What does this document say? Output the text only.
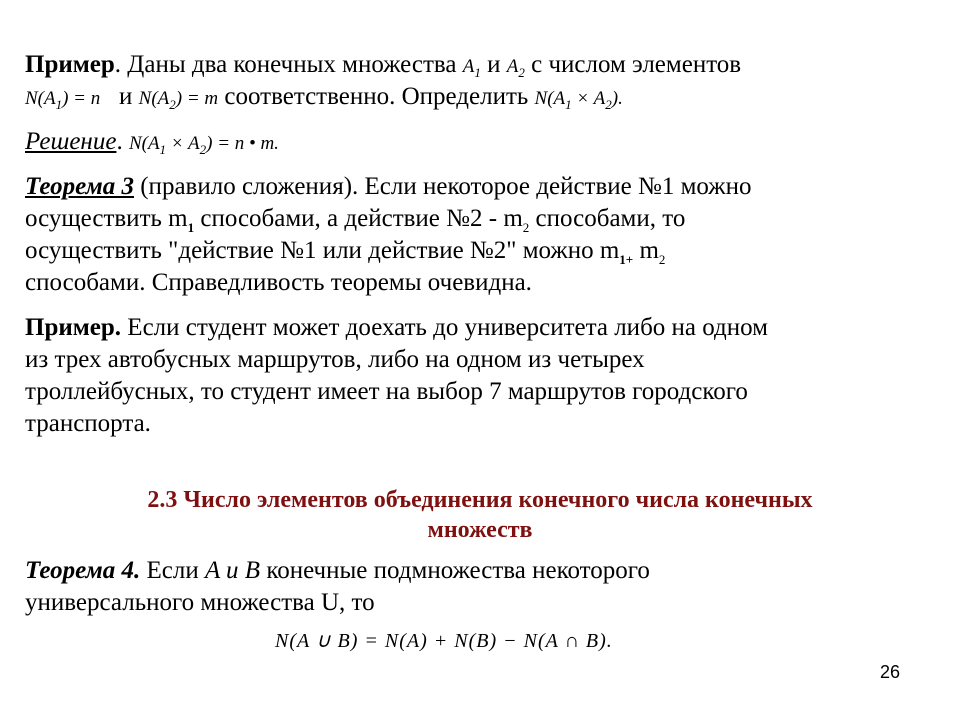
Пример. Даны два конечных множества $A_1$ и $A_2$ с числом элементов
$N(A_1) = n$ и $N(A_2) = m$ соответственно. Определить $N(A_1 \times A_2)$.
Решение. $N(A_1 \times A_2) = n$ • m.
Теорема 3 (правило сложения). Если некоторое действие №1 можно
осуществить $m_1$ способами, а действие №2 - $m_2$ способами, то
осуществить "действие №1 или действие №2" можно $m_{1+}$ $m_2$
способами. Справедливость теоремы очевидна.
Пример. Если студент может доехать до университета либо на одном
из трех автобусных маршрутов, либо на одном из четырех
троллейбусных, то студент имеет на выбор 7 маршрутов городского
транспорта.
2.3 Число элементов объединения конечного числа конечных
множеств
Теорема 4. Если A и B конечные подмножества некоторого
универсального множества U, то
N(A ∪ B) = N(A) + N(B) − N(A ∩ B).
26
